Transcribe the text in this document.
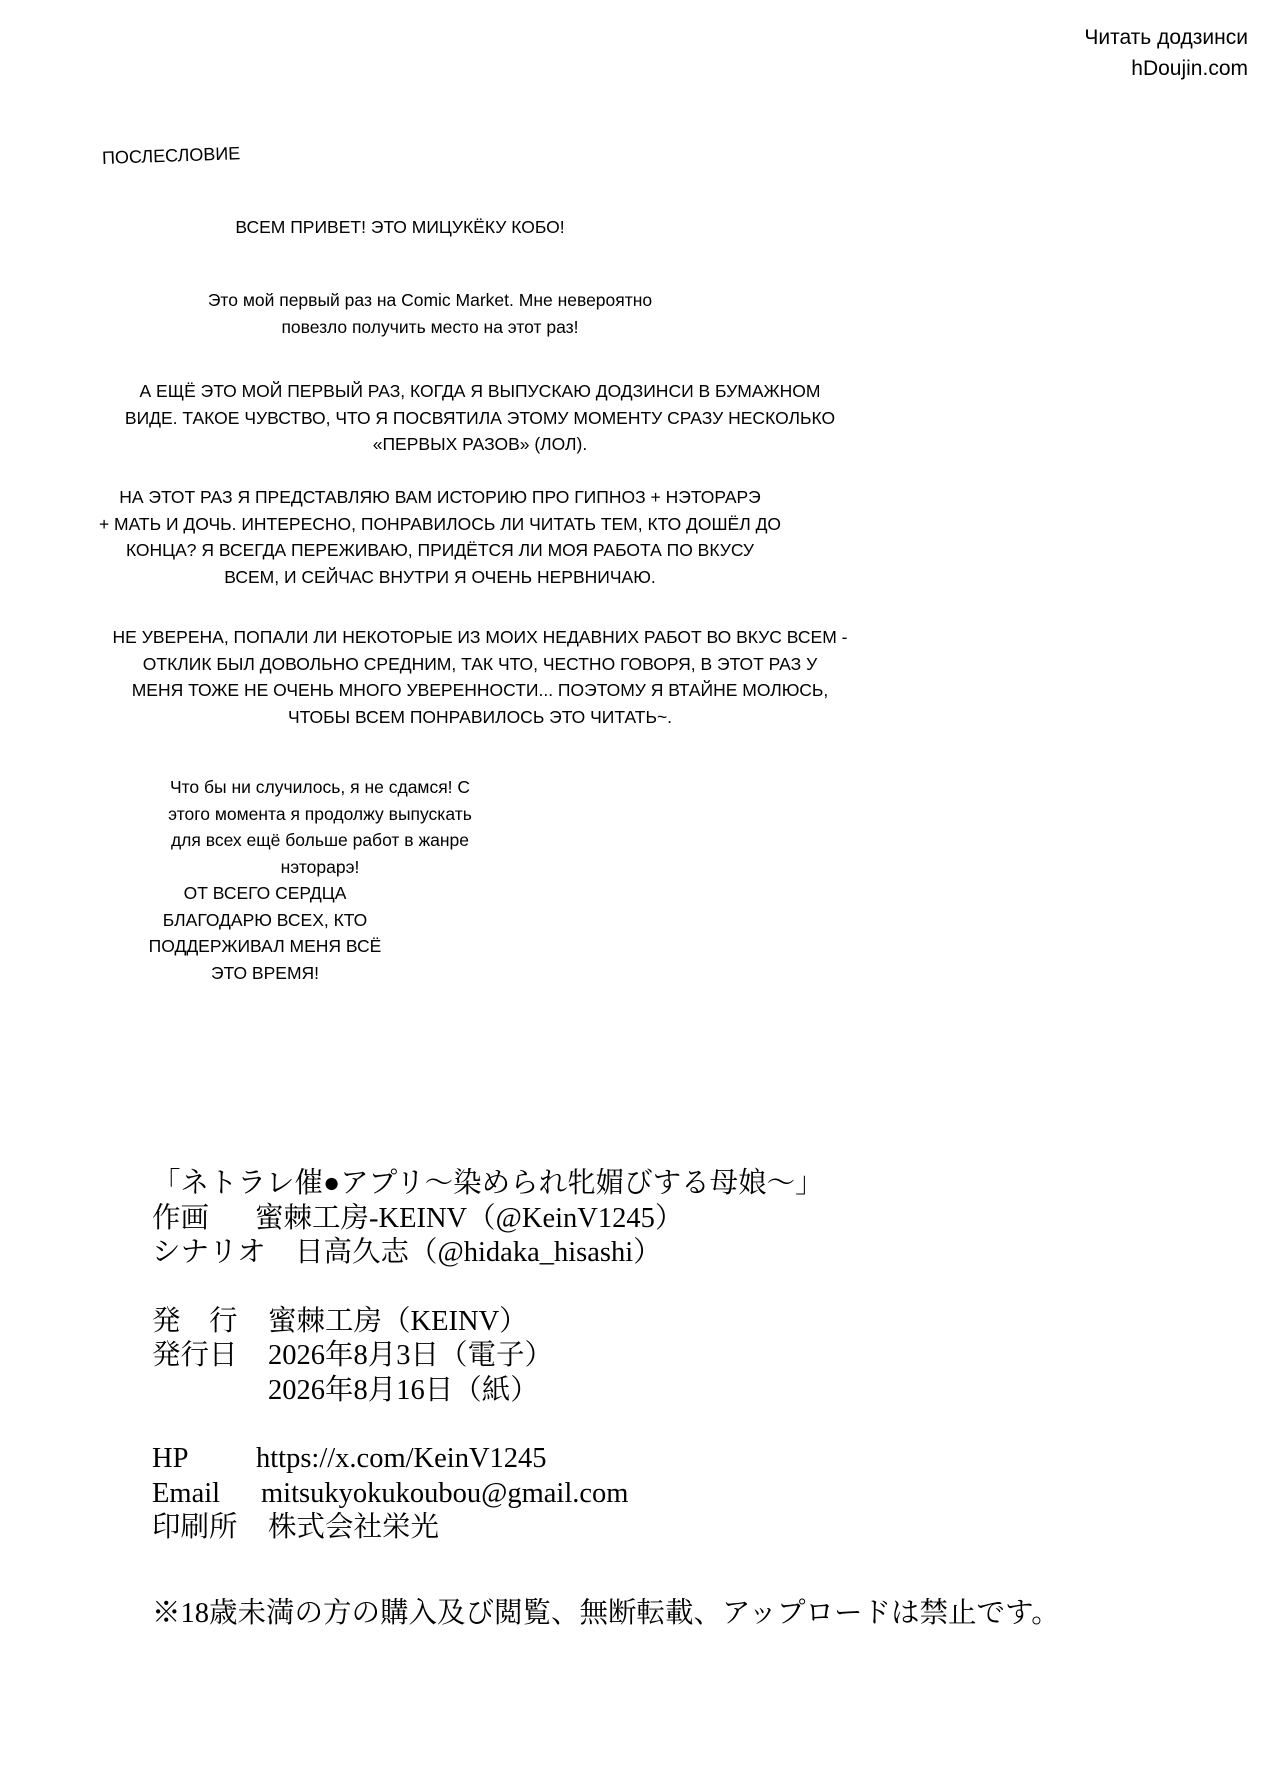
Читать додзинси
hDoujin.com
ПОСЛЕСЛОВИЕ
ВСЕМ ПРИВЕТ! ЭТО МИЦУКЁКУ КОБО!
Это мой первый раз на Comic Market. Мне невероятно
повезло получить место на этот раз!
А ЕЩЁ ЭТО МОЙ ПЕРВЫЙ РАЗ, КОГДА Я ВЫПУСКАЮ ДОДЗИНСИ В БУМАЖНОМ
ВИДЕ. ТАКОЕ ЧУВСТВО, ЧТО Я ПОСВЯТИЛА ЭТОМУ МОМЕНТУ СРАЗУ НЕСКОЛЬКО
«ПЕРВЫХ РАЗОВ» (ЛОЛ).
НА ЭТОТ РАЗ Я ПРЕДСТАВЛЯЮ ВАМ ИСТОРИЮ ПРО ГИПНОЗ + НЭТОРАРЭ
+ МАТЬ И ДОЧЬ. ИНТЕРЕСНО, ПОНРАВИЛОСЬ ЛИ ЧИТАТЬ ТЕМ, КТО ДОШЁЛ ДО
КОНЦА? Я ВСЕГДА ПЕРЕЖИВАЮ, ПРИДЁТСЯ ЛИ МОЯ РАБОТА ПО ВКУСУ
ВСЕМ, И СЕЙЧАС ВНУТРИ Я ОЧЕНЬ НЕРВНИЧАЮ.
НЕ УВЕРЕНА, ПОПАЛИ ЛИ НЕКОТОРЫЕ ИЗ МОИХ НЕДАВНИХ РАБОТ ВО ВКУС ВСЕМ -
ОТКЛИК БЫЛ ДОВОЛЬНО СРЕДНИМ, ТАК ЧТО, ЧЕСТНО ГОВОРЯ, В ЭТОТ РАЗ У
МЕНЯ ТОЖЕ НЕ ОЧЕНЬ МНОГО УВЕРЕННОСТИ... ПОЭТОМУ Я ВТАЙНЕ МОЛЮСЬ,
ЧТОБЫ ВСЕМ ПОНРАВИЛОСЬ ЭТО ЧИТАТЬ~.
Что бы ни случилось, я не сдамся! С
этого момента я продолжу выпускать
для всех ещё больше работ в жанре
нэторарэ!
ОТ ВСЕГО СЕРДЦА
БЛАГОДАРЮ ВСЕХ, КТО
ПОДДЕРЖИВАЛ МЕНЯ ВСЁ
ЭТО ВРЕМЯ!
「ネトラレ催●アプリ～染められ牝媚びする母娘～」
作画	蜜棘工房-KEINV（@KeinV1245）
シナリオ	日高久志（@hidaka_hisashi）
発　行	蜜棘工房（KEINV）
発行日	2026年8月3日（電子）
2026年8月16日（紙）
HP	https://x.com/KeinV1245
Email	mitsukyokukoubou@gmail.com
印刷所	株式会社栄光
※18歳未満の方の購入及び閲覧、無断転載、アップロードは禁止です。
